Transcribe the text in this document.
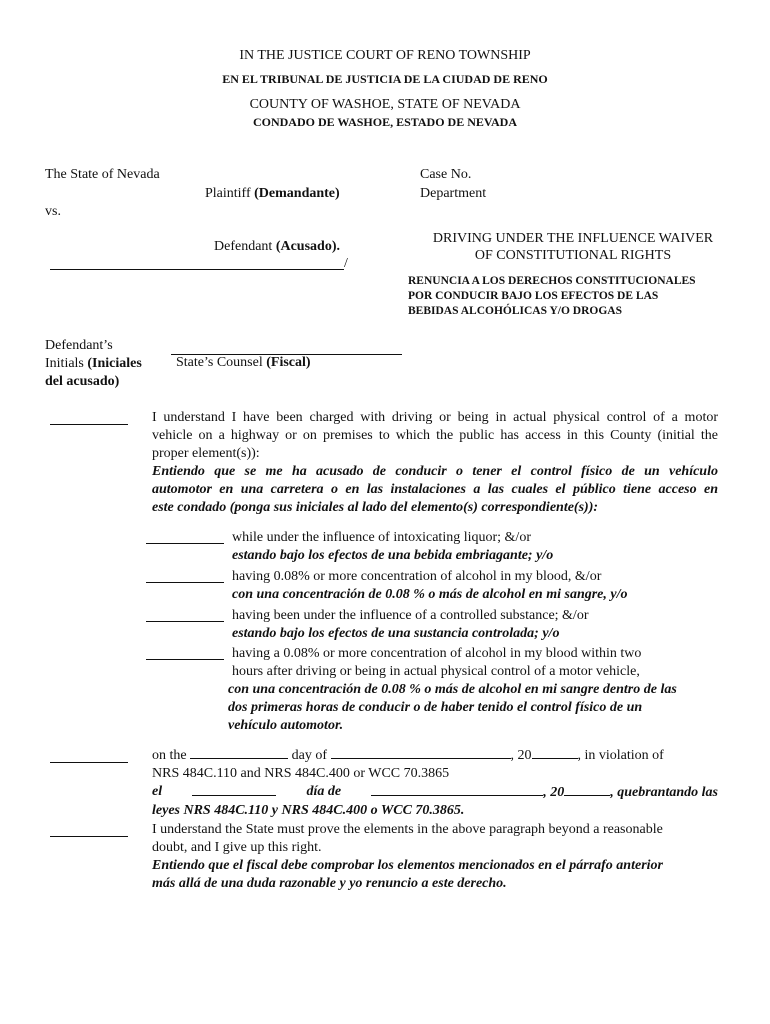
IN THE JUSTICE COURT OF RENO TOWNSHIP
EN EL TRIBUNAL DE JUSTICIA DE LA CIUDAD DE RENO
COUNTY OF WASHOE, STATE OF NEVADA
CONDADO DE WASHOE, ESTADO DE NEVADA
The State of Nevada
Plaintiff (Demandante)
vs.
Defendant (Acusado).
/
Case No.
Department
DRIVING UNDER THE INFLUENCE WAIVER
OF CONSTITUTIONAL RIGHTS
RENUNCIA A LOS DERECHOS CONSTITUCIONALES
POR CONDUCIR BAJO LOS EFECTOS DE LAS
BEBIDAS ALCOHÓLICAS Y/O DROGAS
Defendant’s
Initials (Iniciales
del acusado)
State’s Counsel (Fiscal)
I understand I have been charged with driving or being in actual physical control of a motor
vehicle on a highway or on premises to which the public has access in this County (initial the
proper element(s)):
Entiendo que se me ha acusado de conducir o tener el control físico de un vehículo
automotor en una carretera o en las instalaciones a las cuales el público tiene acceso en
este condado (ponga sus iniciales al lado del elemento(s) correspondiente(s)):
while under the influence of intoxicating liquor; &/or
estando bajo los efectos de una bebida embriagante; y/o
having 0.08% or more concentration of alcohol in my blood, &/or
con una concentración de 0.08 % o más de alcohol en mi sangre, y/o
having been under the influence of a controlled substance; &/or
estando bajo los efectos de una sustancia controlada; y/o
having a 0.08% or more concentration of alcohol in my blood within two
hours after driving or being in actual physical control of a motor vehicle,
con una concentración de 0.08 % o más de alcohol en mi sangre dentro de las
dos primeras horas de conducir o de haber tenido el control físico de un
vehículo automotor.
on the	day of	, 20	, in violation of
NRS 484C.110 and NRS 484C.400 or WCC 70.3865
el	día de	, 20	, quebrantando las
leyes NRS 484C.110 y NRS 484C.400 o WCC 70.3865.
I understand the State must prove the elements in the above paragraph beyond a reasonable
doubt, and I give up this right.
Entiendo que el fiscal debe comprobar los elementos mencionados en el párrafo anterior
más allá de una duda razonable y yo renuncio a este derecho.
